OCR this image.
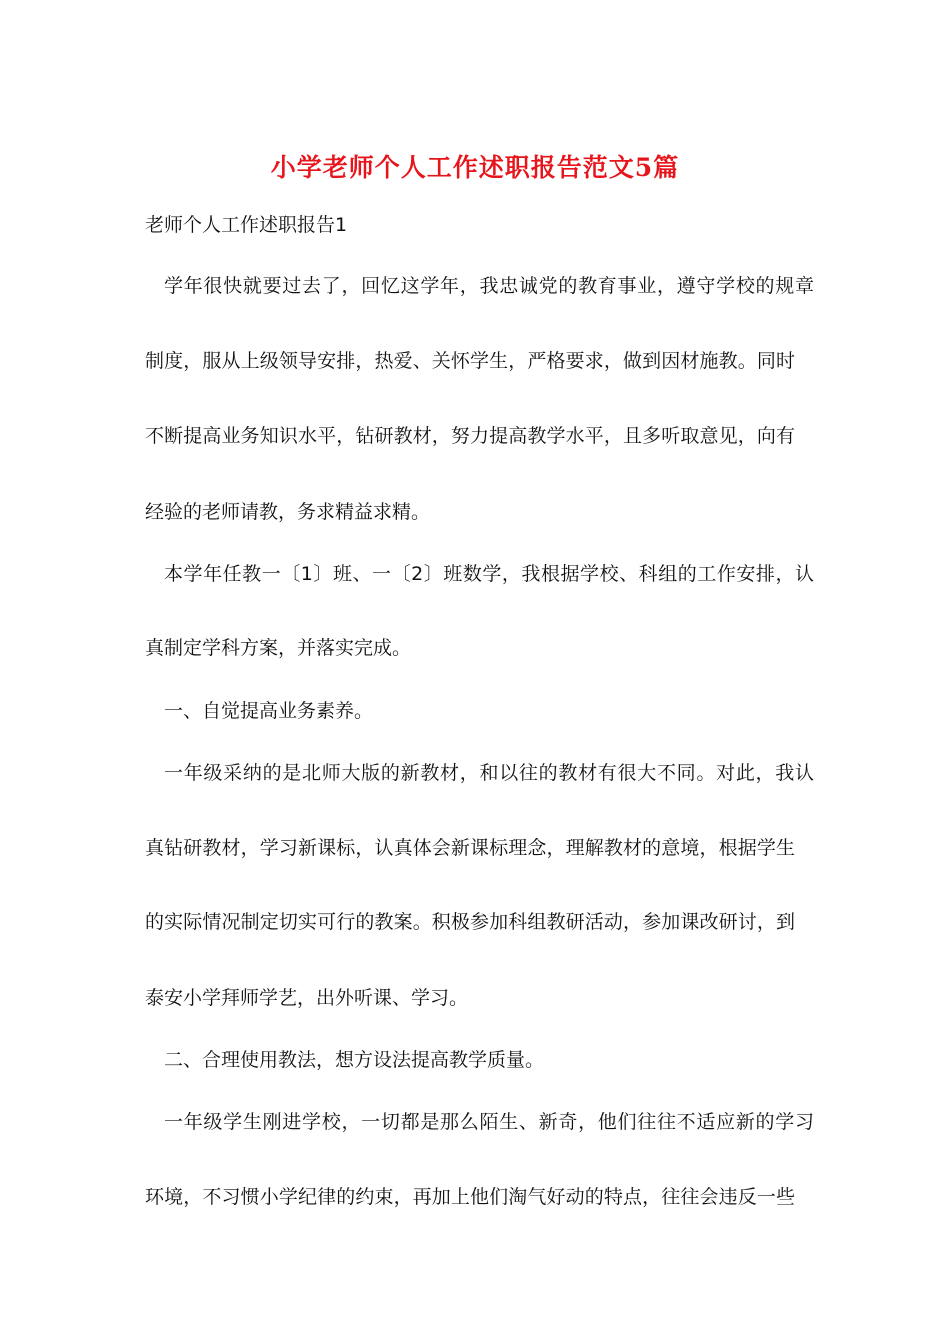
小学老师个人工作述职报告范文5篇
老师个人工作述职报告1
学年很快就要过去了，回忆这学年，我忠诚党的教育事业，遵守学校的规章
制度，服从上级领导安排，热爱、关怀学生，严格要求，做到因材施教。同时
不断提高业务知识水平，钻研教材，努力提高教学水平，且多听取意见，向有
经验的老师请教，务求精益求精。
本学年任教一〔1〕班、一〔2〕班数学，我根据学校、科组的工作安排，认
真制定学科方案，并落实完成。
一、自觉提高业务素养。
一年级采纳的是北师大版的新教材，和以往的教材有很大不同。对此，我认
真钻研教材，学习新课标，认真体会新课标理念，理解教材的意境，根据学生
的实际情况制定切实可行的教案。积极参加科组教研活动，参加课改研讨，到
泰安小学拜师学艺，出外听课、学习。
二、合理使用教法，想方设法提高教学质量。
一年级学生刚进学校，一切都是那么陌生、新奇，他们往往不适应新的学习
环境，不习惯小学纪律的约束，再加上他们淘气好动的特点，往往会违反一些
